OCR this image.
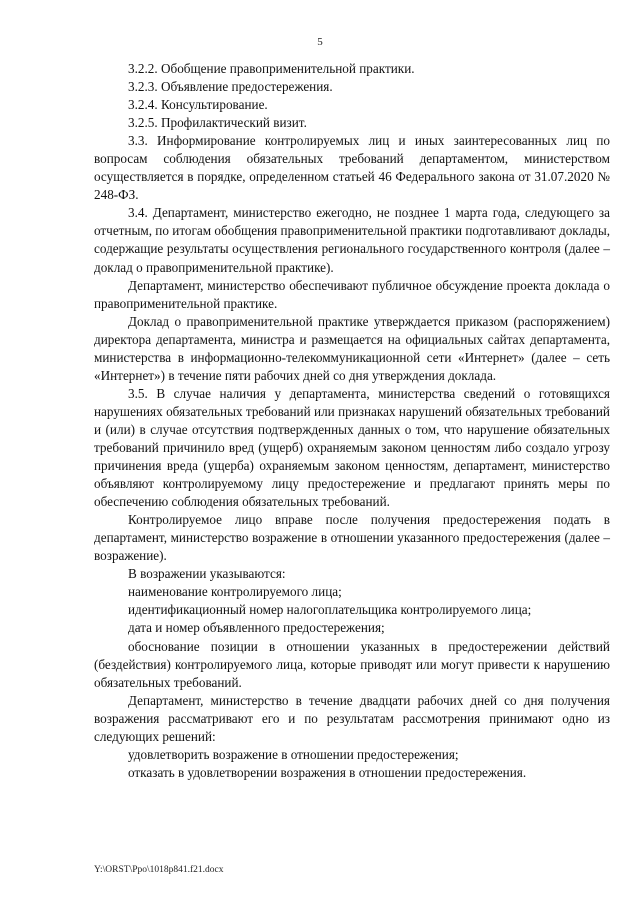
5

3.2.2. Обобщение правоприменительной практики.

3.2.3. Объявление предостережения.

3.2.4. Консультирование.

3.2.5. Профилактический визит.

3.3. Информирование контролируемых лиц и иных заинтересованных лиц по вопросам соблюдения обязательных требований департаментом, министерством осуществляется в порядке, определенном статьей 46 Федерального закона от 31.07.2020 № 248-ФЗ.

3.4. Департамент, министерство ежегодно, не позднее 1 марта года, следующего за отчетным, по итогам обобщения правоприменительной практики подготавливают доклады, содержащие результаты осуществления регионального государственного контроля (далее – доклад о правоприменительной практике).

Департамент, министерство обеспечивают публичное обсуждение проекта доклада о правоприменительной практике.

Доклад о правоприменительной практике утверждается приказом (распоряжением) директора департамента, министра и размещается на официальных сайтах департамента, министерства в информационно-телекоммуникационной сети «Интернет» (далее – сеть «Интернет») в течение пяти рабочих дней со дня утверждения доклада.

3.5. В случае наличия у департамента, министерства сведений о готовящихся нарушениях обязательных требований или признаках нарушений обязательных требований и (или) в случае отсутствия подтвержденных данных о том, что нарушение обязательных требований причинило вред (ущерб) охраняемым законом ценностям либо создало угрозу причинения вреда (ущерба) охраняемым законом ценностям, департамент, министерство объявляют контролируемому лицу предостережение и предлагают принять меры по обеспечению соблюдения обязательных требований.

Контролируемое лицо вправе после получения предостережения подать в департамент, министерство возражение в отношении указанного предостережения (далее – возражение).

В возражении указываются:

наименование контролируемого лица;

идентификационный номер налогоплательщика контролируемого лица;

дата и номер объявленного предостережения;

обоснование позиции в отношении указанных в предостережении действий (бездействия) контролируемого лица, которые приводят или могут привести к нарушению обязательных требований.

Департамент, министерство в течение двадцати рабочих дней со дня получения возражения рассматривают его и по результатам рассмотрения принимают одно из следующих решений:

удовлетворить возражение в отношении предостережения;

отказать в удовлетворении возражения в отношении предостережения.

Y:\ORST\Ppo\1018p841.f21.docx
